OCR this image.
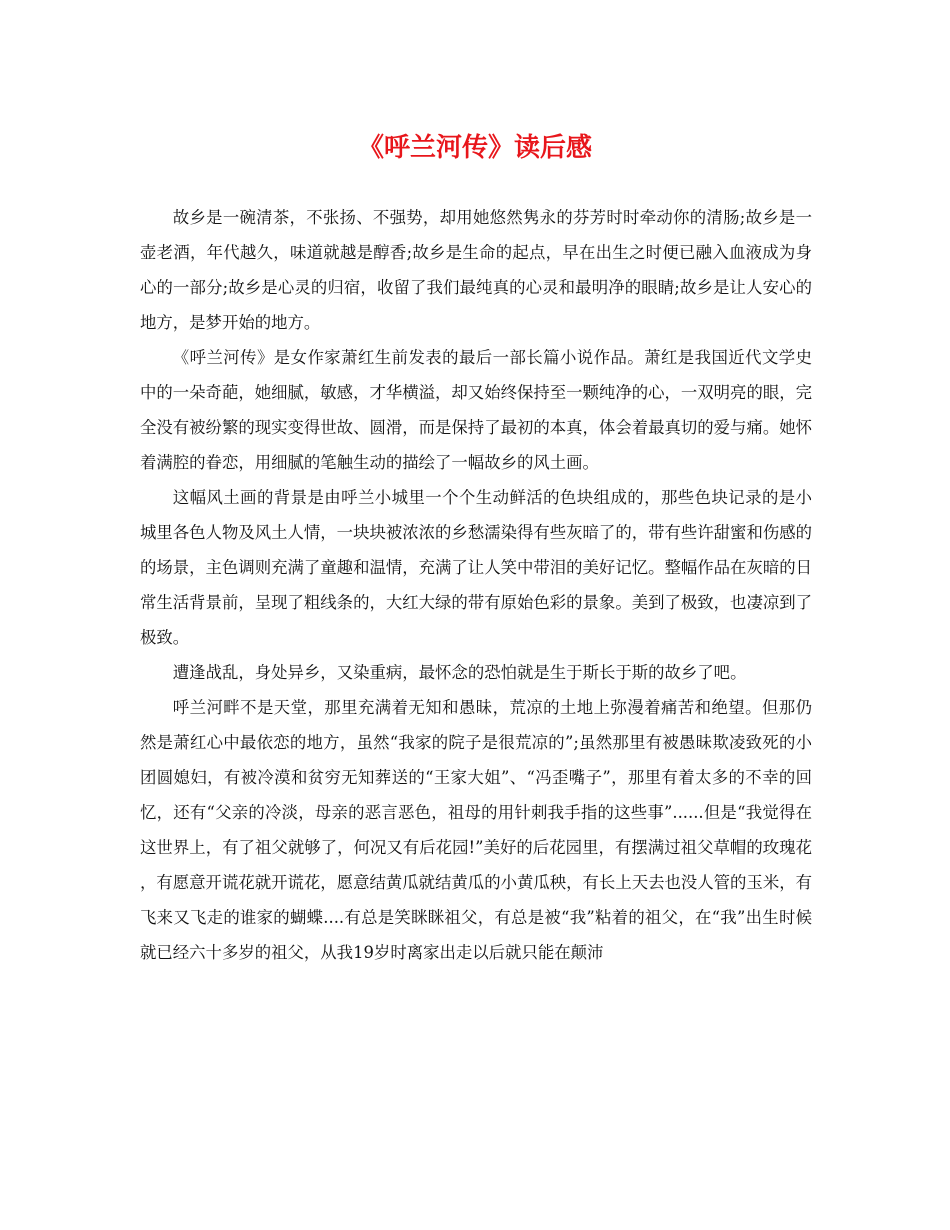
《呼兰河传》读后感

故乡是一碗清茶，不张扬、不强势，却用她悠然隽永的芬芳时时牵动你的清肠;故乡是一壶老酒，年代越久，味道就越是醇香;故乡是生命的起点，早在出生之时便已融入血液成为身心的一部分;故乡是心灵的归宿，收留了我们最纯真的心灵和最明净的眼睛;故乡是让人安心的地方，是梦开始的地方。

《呼兰河传》是女作家萧红生前发表的最后一部长篇小说作品。萧红是我国近代文学史中的一朵奇葩，她细腻，敏感，才华横溢，却又始终保持至一颗纯净的心，一双明亮的眼，完全没有被纷繁的现实变得世故、圆滑，而是保持了最初的本真，体会着最真切的爱与痛。她怀着满腔的眷恋，用细腻的笔触生动的描绘了一幅故乡的风土画。

这幅风土画的背景是由呼兰小城里一个个生动鲜活的色块组成的，那些色块记录的是小城里各色人物及风土人情，一块块被浓浓的乡愁濡染得有些灰暗了的，带有些许甜蜜和伤感的的场景，主色调则充满了童趣和温情，充满了让人笑中带泪的美好记忆。整幅作品在灰暗的日常生活背景前，呈现了粗线条的，大红大绿的带有原始色彩的景象。美到了极致，也凄凉到了极致。

遭逢战乱，身处异乡，又染重病，最怀念的恐怕就是生于斯长于斯的故乡了吧。

呼兰河畔不是天堂，那里充满着无知和愚昧，荒凉的土地上弥漫着痛苦和绝望。但那仍然是萧红心中最依恋的地方，虽然“我家的院子是很荒凉的”;虽然那里有被愚昧欺凌致死的小团圆媳妇，有被冷漠和贫穷无知葬送的“王家大姐”、“冯歪嘴子”，那里有着太多的不幸的回忆，还有“父亲的冷淡，母亲的恶言恶色，祖母的用针刺我手指的这些事”......但是“我觉得在这世界上，有了祖父就够了，何况又有后花园!”美好的后花园里，有摆满过祖父草帽的玫瑰花，有愿意开谎花就开谎花，愿意结黄瓜就结黄瓜的小黄瓜秧，有长上天去也没人管的玉米，有飞来又飞走的谁家的蝴蝶....有总是笑眯眯祖父，有总是被“我”粘着的祖父，在“我”出生时候就已经六十多岁的祖父，从我19岁时离家出走以后就只能在颠沛
